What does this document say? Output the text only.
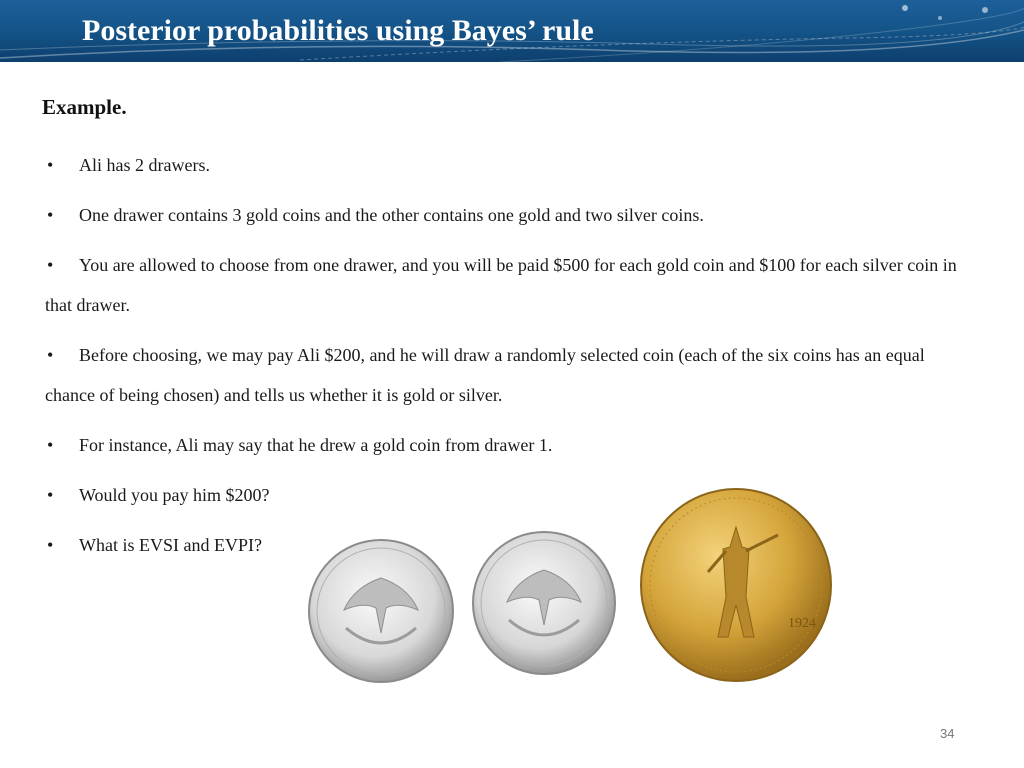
Posterior probabilities using Bayes’ rule
Example.
• Ali has 2 drawers.
• One drawer contains 3 gold coins and the other contains one gold and two silver coins.
• You are allowed to choose from one drawer, and you will be paid $500 for each gold coin and $100 for each silver coin in that drawer.
• Before choosing, we may pay Ali $200, and he will draw a randomly selected coin (each of the six coins has an equal chance of being chosen) and tells us whether it is gold or silver.
• For instance, Ali may say that he drew a gold coin from drawer 1.
• Would you pay him $200?
• What is EVSI and EVPI?
1924
34
